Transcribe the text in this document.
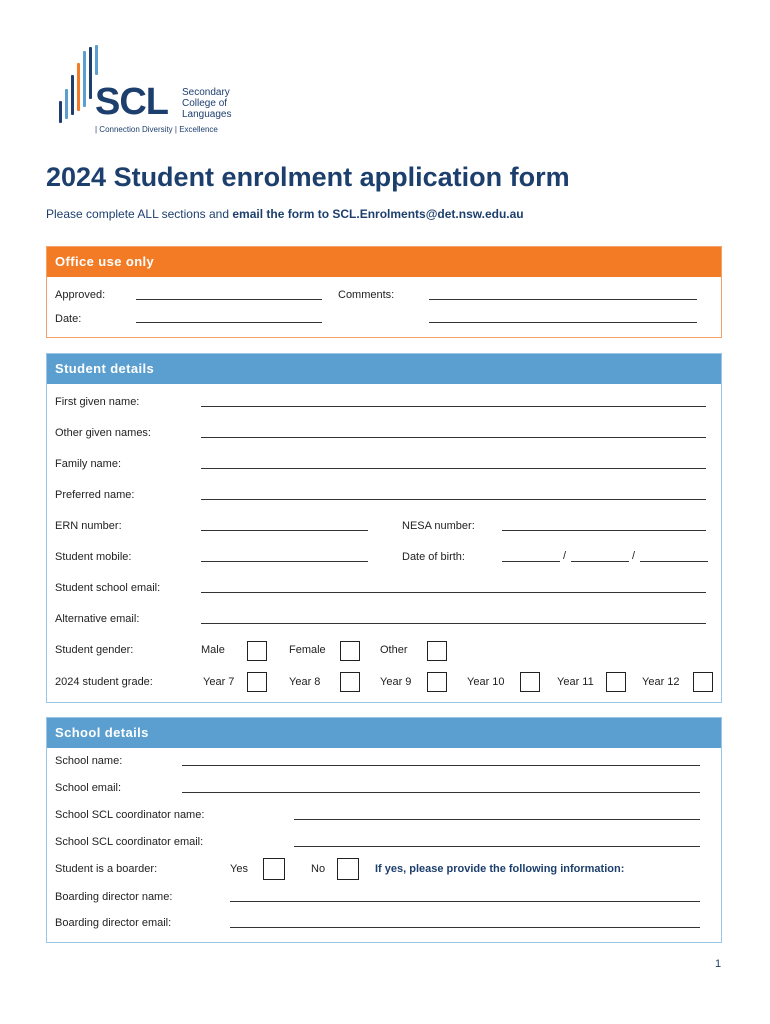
SCL Secondary
College of
Languages
| Connection Diversity | Excellence
2024 Student enrolment application form
Please complete ALL sections and email the form to SCL.Enrolments@det.nsw.edu.au
Office use only
Approved:	Comments:
Date:
Student details
First given name:
Other given names:
Family name:
Preferred name:
ERN number:	NESA number:
Student mobile:	Date of birth:	/	/
Student school email:
Alternative email:
Student gender:	Male	Female	Other
2024 student grade:	Year 7	Year 8	Year 9	Year 10	Year 11	Year 12
School details
School name:
School email:
School SCL coordinator name:
School SCL coordinator email:
Student is a boarder:	Yes	No	If yes, please provide the following information:
Boarding director name:
Boarding director email:
1
